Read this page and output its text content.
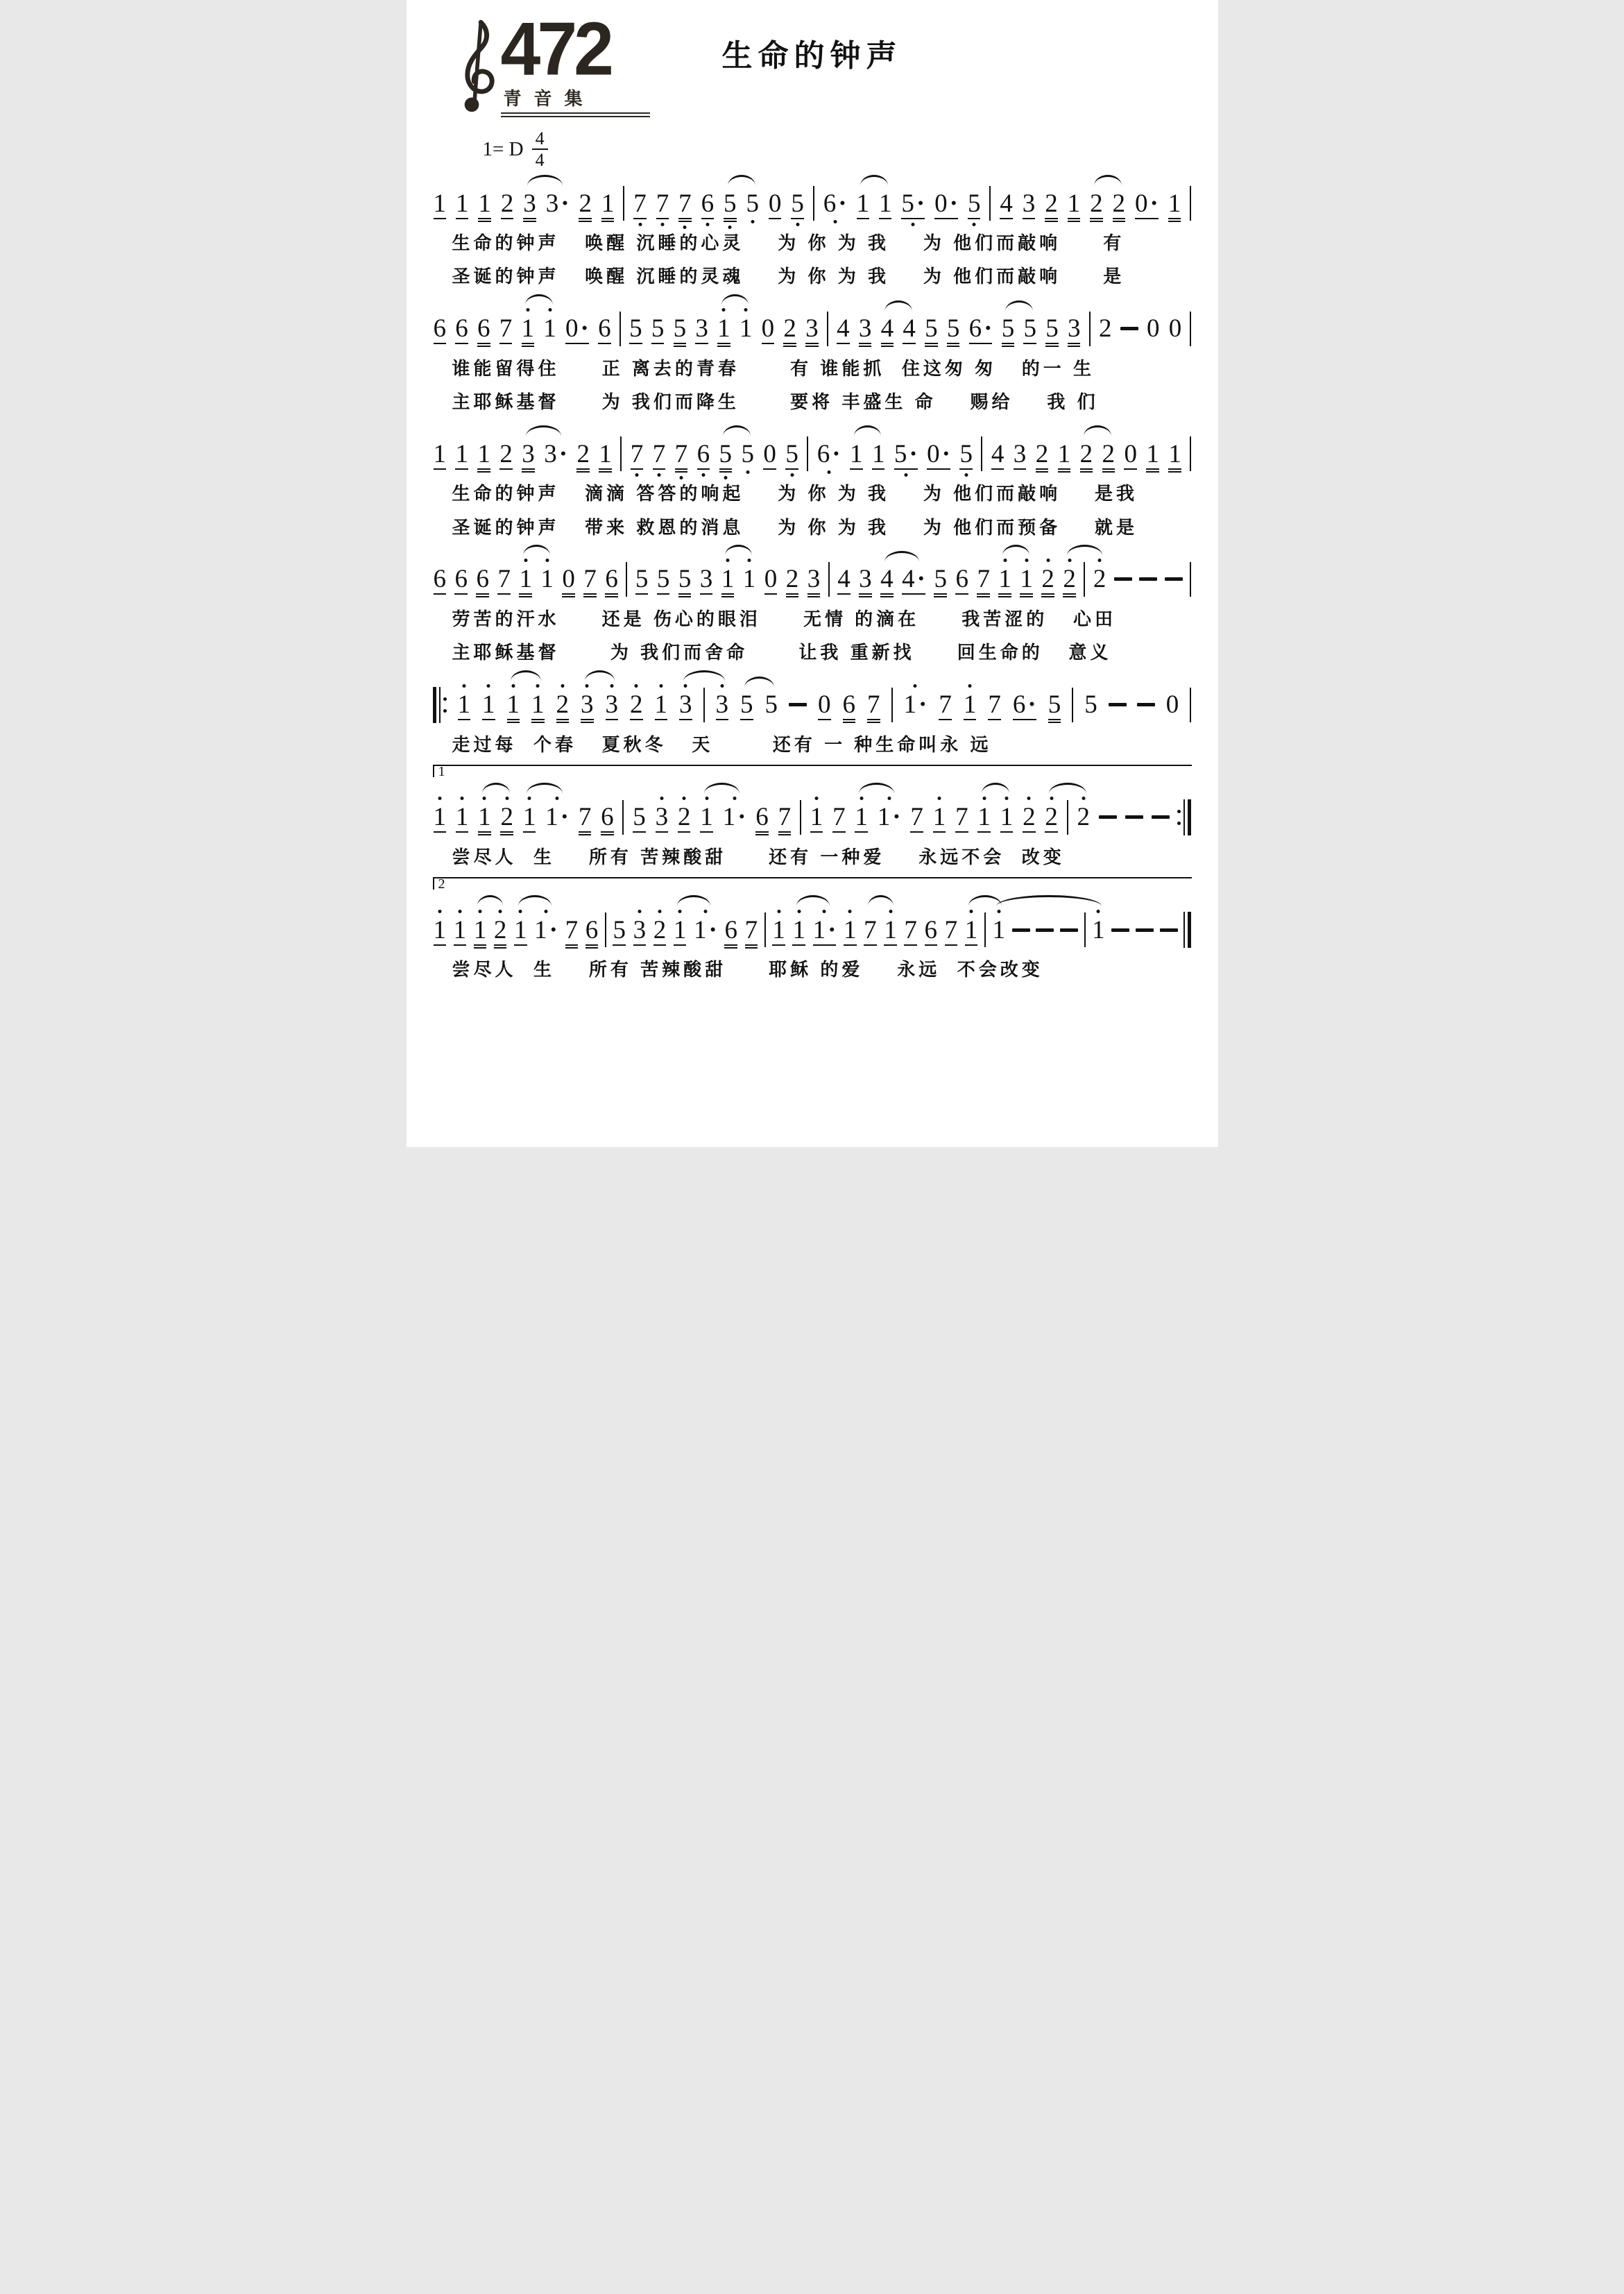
472
青音集
生命的钟声
1= D $\frac{4}{4}$
1 1 1 2 3 3· 2 1 7 7 7 6 5 5 0 5 6· 1 1 5· 0· 5 4 3 2 1 2 2 0· 1
生命的钟声   唤醒 沉睡的心灵    为 你 为 我    为 他们而敲响     有
圣诞的钟声   唤醒 沉睡的灵魂    为 你 为 我    为 他们而敲响     是
6 6 6 7 1 1 0· 6 5 5 5 3 1 1 0 2 3 4 3 4 4 5 5 6· 5 5 5 3 2 0 0
谁能留得住     正 离去的青春      有 谁能抓  住这匆 匆   的一 生
主耶稣基督     为 我们而降生      要将 丰盛生 命    赐给    我 们
1 1 1 2 3 3· 2 1 7 7 7 6 5 5 0 5 6· 1 1 5· 0· 5 4 3 2 1 2 2 0 1 1
生命的钟声   滴滴 答答的响起    为 你 为 我    为 他们而敲响    是我
圣诞的钟声   带来 救恩的消息    为 你 为 我    为 他们而预备    就是
6 6 6 7 1 1 0 7 6 5 5 5 3 1 1 0 2 3 4 3 4 4· 5 6 7 1 1 2 2 2
劳苦的汗水     还是 伤心的眼泪     无情 的滴在     我苦涩的   心田
主耶稣基督      为 我们而舍命      让我 重新找     回生命的   意义
1 1 1 1 2 3 3 2 1 3 3 5 5 0 6 7 1· 7 1 7 6· 5 5	0
走过每  个春   夏秋冬   天       还有 一 种生命叫永 远
1
1 1 1 2 1 1· 7 6 5 3 2 1 1· 6 7 1 7 1 1· 7 1 7 1 1 2 2 2
尝尽人  生    所有 苦辣酸甜     还有 一种爱    永远不会  改变
2
1 1 1 2 1 1· 7 6 5 3 2 1 1· 6 7 1 1 1· 1 7 1 7 6 7 1 1	1
尝尽人  生    所有 苦辣酸甜     耶稣 的爱    永远  不会改变
